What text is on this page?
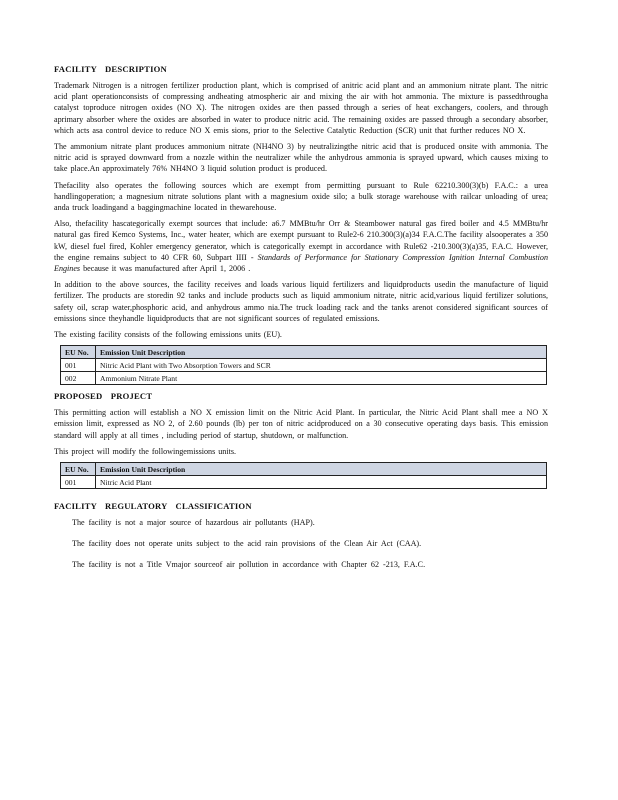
FACILITY DESCRIPTION

Trademark Nitrogen is a nitrogen fertilizer production plant, which is comprised of anitric acid plant and an ammonium nitrate plant. The nitric acid plant operationconsists of compressing andheating atmospheric air and mixing the air with hot ammonia. The mixture is passedthrougha catalyst toproduce nitrogen oxides (NO X). The nitrogen oxides are then passed through a series of heat exchangers, coolers, and through aprimary absorber where the oxides are absorbed in water to produce nitric acid. The remaining oxides are passed through a secondary absorber, which acts asa control device to reduce NO X emis sions, prior to the Selective Catalytic Reduction (SCR) unit that further reduces NO X.

The ammonium nitrate plant produces ammonium nitrate (NH4NO 3) by neutralizingthe nitric acid that is produced onsite with ammonia. The nitric acid is sprayed downward from a nozzle within the neutralizer while the anhydrous ammonia is sprayed upward, which causes mixing to take place.An approximately 76% NH4NO 3 liquid solution product is produced.

Thefacility also operates the following sources which are exempt from permitting pursuant to Rule 62210.300(3)(b) F.A.C.: a urea handlingoperation; a magnesium nitrate solutions plant with a magnesium oxide silo; a bulk storage warehouse with railcar unloading of urea; anda truck loadingand a baggingmachine located in thewarehouse.

Also, thefacility hascategorically exempt sources that include: a6.7 MMBtu/hr Orr & Steambower natural gas fired boiler and 4.5 MMBtu/hr natural gas fired Kemco Systems, Inc., water heater, which are exempt pursuant to Rule2-6 210.300(3)(a)34 F.A.C.The facility alsooperates a 350 kW, diesel fuel fired, Kohler emergency generator, which is categorically exempt in accordance with Rule62 -210.300(3)(a)35, F.A.C. However, the engine remains subject to 40 CFR 60, Subpart IIII - Standards of Performance for Stationary Compression Ignition Internal Combustion Engines because it was manufactured after April 1, 2006 .

In addition to the above sources, the facility receives and loads various liquid fertilizers and liquidproducts usedin the manufacture of liquid fertilizer. The products are storedin 92 tanks and include products such as liquid ammonium nitrate, nitric acid,various liquid fertilizer solutions, safety oil, scrap water,phosphoric acid, and anhydrous ammo nia.The truck loading rack and the tanks arenot considered significant sources of emissions since theyhandle liquidproducts that are not significant sources of regulated emissions.

The existing facility consists of the following emissions units (EU).

EU No.	Emission Unit Description
001	Nitric Acid Plant with Two Absorption Towers and SCR
002	Ammonium Nitrate Plant
PROPOSED PROJECT

This permitting action will establish a NO X emission limit on the Nitric Acid Plant. In particular, the Nitric Acid Plant shall mee a NO X emission limit, expressed as NO 2, of 2.60 pounds (lb) per ton of nitric acidproduced on a 30 consecutive operating days basis. This emission standard will apply at all times , including period of startup, shutdown, or malfunction.

This project will modify the followingemissions units.

EU No.	Emission Unit Description
001	Nitric Acid Plant
FACILITY REGULATORY CLASSIFICATION
The facility is not a major source of hazardous air pollutants (HAP).
The facility does not operate units subject to the acid rain provisions of the Clean Air Act (CAA).
The facility is not a Title Vmajor sourceof air pollution in accordance with Chapter 62 -213, F.A.C.
